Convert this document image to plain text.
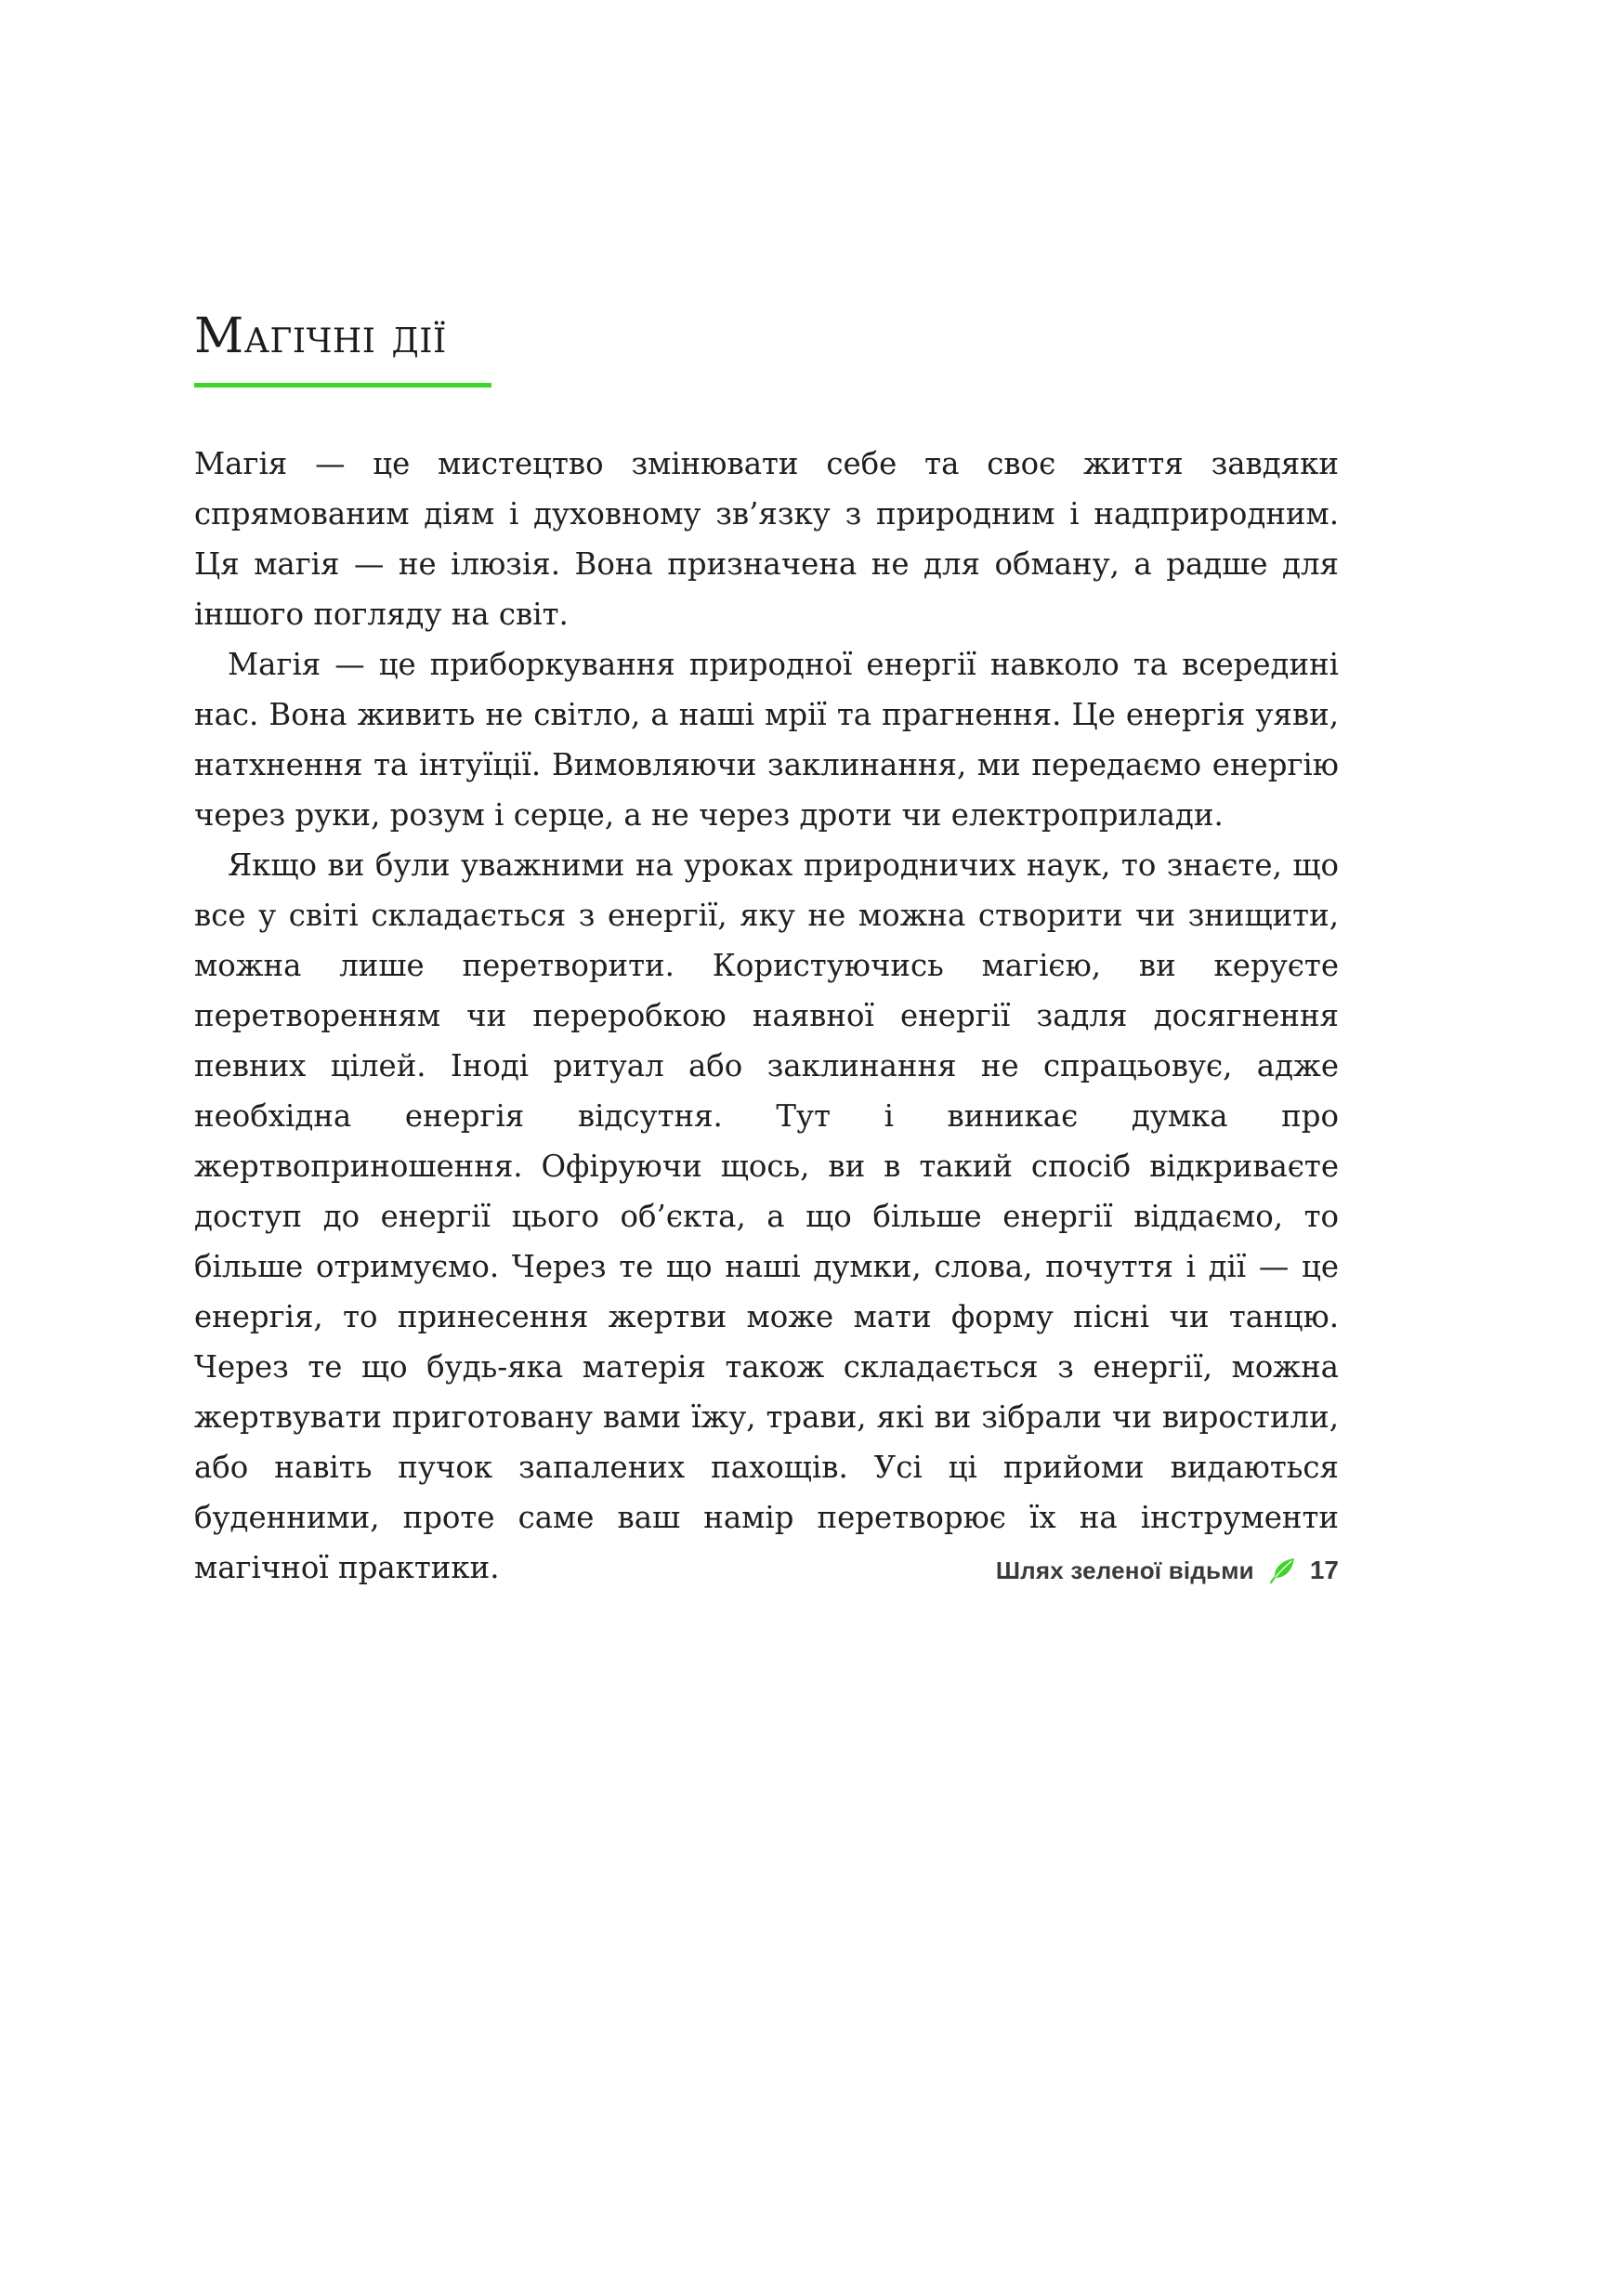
Магічні дії

Магія — це мистецтво змінювати себе та своє життя завдяки спрямованим діям і духовному зв’язку з природним і надприродним. Ця магія — не ілюзія. Вона призначена не для обману, а радше для іншого погляду на світ.

Магія — це приборкування природної енергії навколо та всередині нас. Вона живить не світло, а наші мрії та прагнення. Це енергія уяви, натхнення та інтуїції. Вимовляючи заклинання, ми передаємо енергію через руки, розум і серце, а не через дроти чи електроприлади.

Якщо ви були уважними на уроках природничих наук, то знаєте, що все у світі складається з енергії, яку не можна створити чи знищити, можна лише перетворити. Користуючись магією, ви керуєте перетворенням чи переробкою наявної енергії задля досягнення певних цілей. Іноді ритуал або заклинання не спрацьовує, адже необхідна енергія відсутня. Тут і виникає думка про жертвоприношення. Офіруючи щось, ви в такий спосіб відкриваєте доступ до енергії цього об’єкта, а що більше енергії віддаємо, то більше отримуємо. Через те що наші думки, слова, почуття і дії — це енергія, то принесення жертви може мати форму пісні чи танцю. Через те що будь-яка матерія також складається з енергії, можна жертвувати приготовану вами їжу, трави, які ви зібрали чи виростили, або навіть пучок запалених пахощів. Усі ці прийоми видаються буденними, проте саме ваш намір перетворює їх на інструменти магічної практики.	Шлях зеленої відьми 17
